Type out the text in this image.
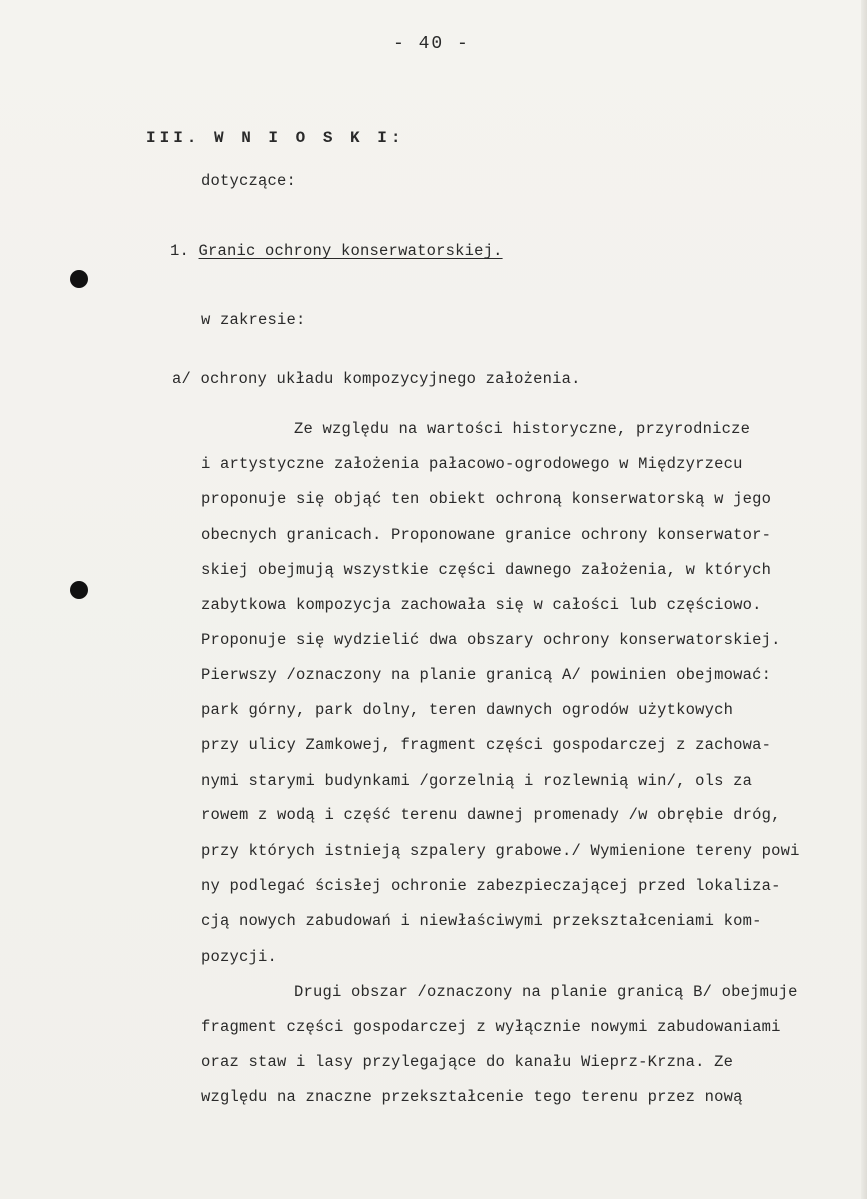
- 40 -
III. W N I O S K I:
dotyczące:
1. Granic ochrony konserwatorskiej.
w zakresie:
a/ ochrony układu kompozycyjnego założenia.
Ze względu na wartości historyczne, przyrodnicze
i artystyczne założenia pałacowo-ogrodowego w Międzyrzecu
proponuje się objąć ten obiekt ochroną konserwatorską w jego
obecnych granicach. Proponowane granice ochrony konserwator-
skiej obejmują wszystkie części dawnego założenia, w których
zabytkowa kompozycja zachowała się w całości lub częściowo.
Proponuje się wydzielić dwa obszary ochrony konserwatorskiej.
Pierwszy /oznaczony na planie granicą A/ powinien obejmować:
park górny, park dolny, teren dawnych ogrodów użytkowych
przy ulicy Zamkowej, fragment części gospodarczej z zachowa-
nymi starymi budynkami /gorzelnią i rozlewnią win/, ols za
rowem z wodą i część terenu dawnej promenady /w obrębie dróg,
przy których istnieją szpalery grabowe./ Wymienione tereny powi
ny podlegać ścisłej ochronie zabezpieczającej przed lokaliza-
cją nowych zabudowań i niewłaściwymi przekształceniami kom-
pozycji.
Drugi obszar /oznaczony na planie granicą B/ obejmuje
fragment części gospodarczej z wyłącznie nowymi zabudowaniami
oraz staw i lasy przylegające do kanału Wieprz-Krzna. Ze
względu na znaczne przekształcenie tego terenu przez nową
